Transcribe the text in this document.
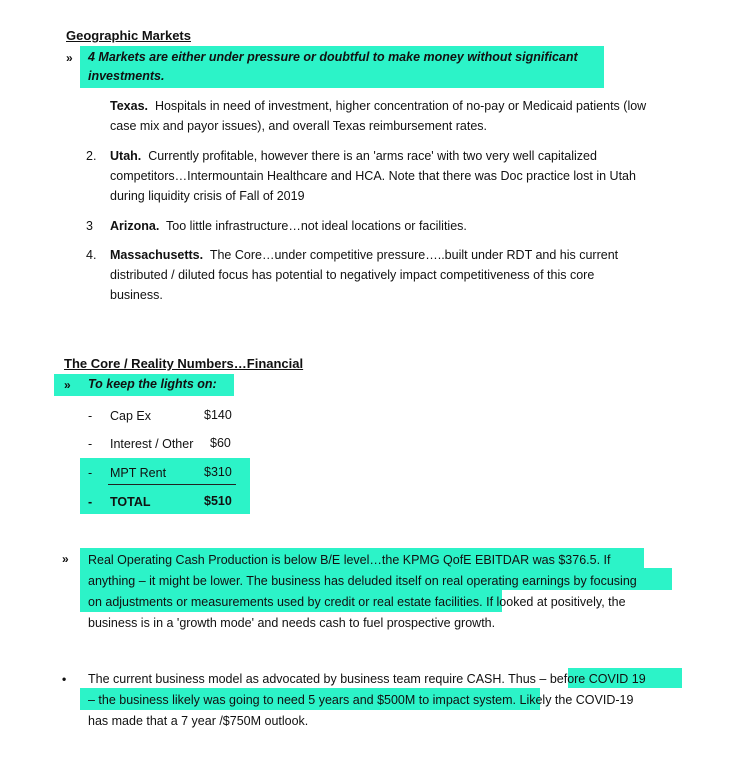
Geographic Markets
» 4 Markets are either under pressure or doubtful to make money without significant
investments.
Texas. Hospitals in need of investment, higher concentration of no-pay or Medicaid patients (low
case mix and payor issues), and overall Texas reimbursement rates.
2. Utah. Currently profitable, however there is an 'arms race' with two very well capitalized
competitors…Intermountain Healthcare and HCA. Note that there was Doc practice lost in Utah
during liquidity crisis of Fall of 2019
3 Arizona. Too little infrastructure…not ideal locations or facilities.
4. Massachusetts. The Core…under competitive pressure…..built under RDT and his current
distributed / diluted focus has potential to negatively impact competitiveness of this core
business.
The Core / Reality Numbers…Financial
» To keep the lights on:
- Cap Ex	$140
- Interest / Other $60
- MPT Rent	$310
- TOTAL	$510
» Real Operating Cash Production is below B/E level…the KPMG QofE EBITDAR was $376.5. If
anything – it might be lower. The business has deluded itself on real operating earnings by focusing
on adjustments or measurements used by credit or real estate facilities. If looked at positively, the
business is in a 'growth mode' and needs cash to fuel prospective growth.
• The current business model as advocated by business team require CASH. Thus – before COVID 19
– the business likely was going to need 5 years and $500M to impact system. Likely the COVID-19
has made that a 7 year /$750M outlook.
